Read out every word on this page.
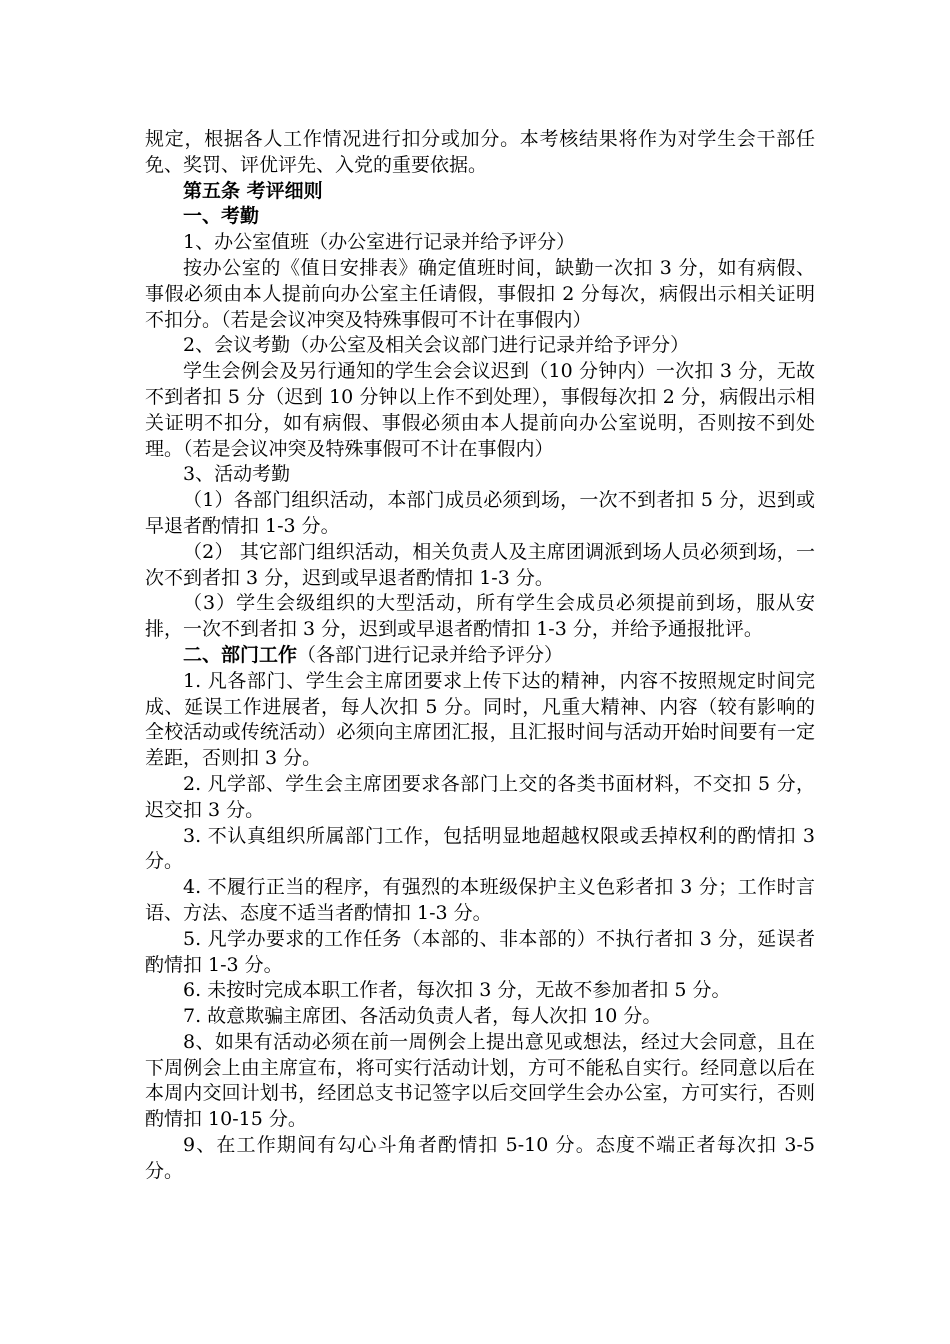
规定，根据各人工作情况进行扣分或加分。本考核结果将作为对学生会干部任免、奖罚、评优评先、入党的重要依据。

第五条 考评细则

一、考勤

1、办公室值班（办公室进行记录并给予评分）

按办公室的《值日安排表》确定值班时间，缺勤一次扣 3 分，如有病假、事假必须由本人提前向办公室主任请假，事假扣 2 分每次，病假出示相关证明不扣分。（若是会议冲突及特殊事假可不计在事假内）

2、会议考勤（办公室及相关会议部门进行记录并给予评分）

学生会例会及另行通知的学生会会议迟到（10 分钟内）一次扣 3 分，无故不到者扣 5 分（迟到 10 分钟以上作不到处理），事假每次扣 2 分，病假出示相关证明不扣分，如有病假、事假必须由本人提前向办公室说明，否则按不到处理。（若是会议冲突及特殊事假可不计在事假内）

3、活动考勤

（1）各部门组织活动，本部门成员必须到场，一次不到者扣 5 分，迟到或早退者酌情扣 1-3 分。

（2） 其它部门组织活动，相关负责人及主席团调派到场人员必须到场，一次不到者扣 3 分，迟到或早退者酌情扣 1-3 分。

（3）学生会级组织的大型活动，所有学生会成员必须提前到场，服从安排，一次不到者扣 3 分，迟到或早退者酌情扣 1-3 分，并给予通报批评。

二、部门工作（各部门进行记录并给予评分）

1. 凡各部门、学生会主席团要求上传下达的精神，内容不按照规定时间完成、延误工作进展者，每人次扣 5 分。同时，凡重大精神、内容（较有影响的全校活动或传统活动）必须向主席团汇报，且汇报时间与活动开始时间要有一定差距，否则扣 3 分。

2. 凡学部、学生会主席团要求各部门上交的各类书面材料，不交扣 5 分，迟交扣 3 分。

3. 不认真组织所属部门工作，包括明显地超越权限或丢掉权利的酌情扣 3 分。

4. 不履行正当的程序，有强烈的本班级保护主义色彩者扣 3 分；工作时言语、方法、态度不适当者酌情扣 1-3 分。

5. 凡学办要求的工作任务（本部的、非本部的）不执行者扣 3 分，延误者酌情扣 1-3 分。

6. 未按时完成本职工作者，每次扣 3 分，无故不参加者扣 5 分。

7. 故意欺骗主席团、各活动负责人者，每人次扣 10 分。

8、如果有活动必须在前一周例会上提出意见或想法，经过大会同意，且在下周例会上由主席宣布，将可实行活动计划，方可不能私自实行。经同意以后在本周内交回计划书，经团总支书记签字以后交回学生会办公室，方可实行，否则酌情扣 10-15 分。

9、在工作期间有勾心斗角者酌情扣 5-10 分。态度不端正者每次扣 3-5 分。
